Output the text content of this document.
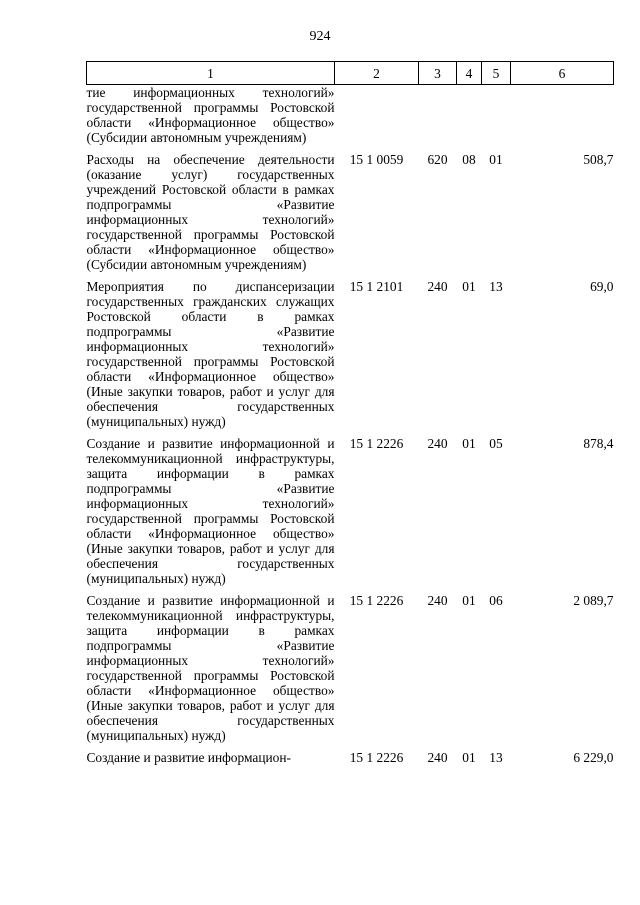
924
1	2	3	4	5	6
тие информационных технологий» государственной программы Ростовской области «Информационное общество» (Субсидии автономным учреждениям)					
Расходы на обеспечение деятельности (оказание услуг) государственных учреждений Ростовской области в рамках подпрограммы «Развитие информационных технологий» государственной программы Ростовской области «Информационное общество» (Субсидии автономным учреждениям)	15 1 0059	620	08	01	508,7

Мероприятия по диспансеризации государственных гражданских служащих Ростовской области в рамках подпрограммы «Развитие информационных технологий» государственной программы Ростовской области «Информационное общество» (Иные закупки товаров, работ и услуг для обеспечения государственных (муниципальных) нужд)	15 1 2101	240	01	13	69,0

Создание и развитие информационной и телекоммуникационной инфраструктуры, защита информации в рамках подпрограммы «Развитие информационных технологий» государственной программы Ростовской области «Информационное общество» (Иные закупки товаров, работ и услуг для обеспечения государственных (муниципальных) нужд)	15 1 2226	240	01	05	878,4

Создание и развитие информационной и телекоммуникационной инфраструктуры, защита информации в рамках подпрограммы «Развитие информационных технологий» государственной программы Ростовской области «Информационное общество» (Иные закупки товаров, работ и услуг для обеспечения государственных (муниципальных) нужд)	15 1 2226	240	01	06	2 089,7

Создание и развитие информацион-	15 1 2226	240	01	13	6 229,0
